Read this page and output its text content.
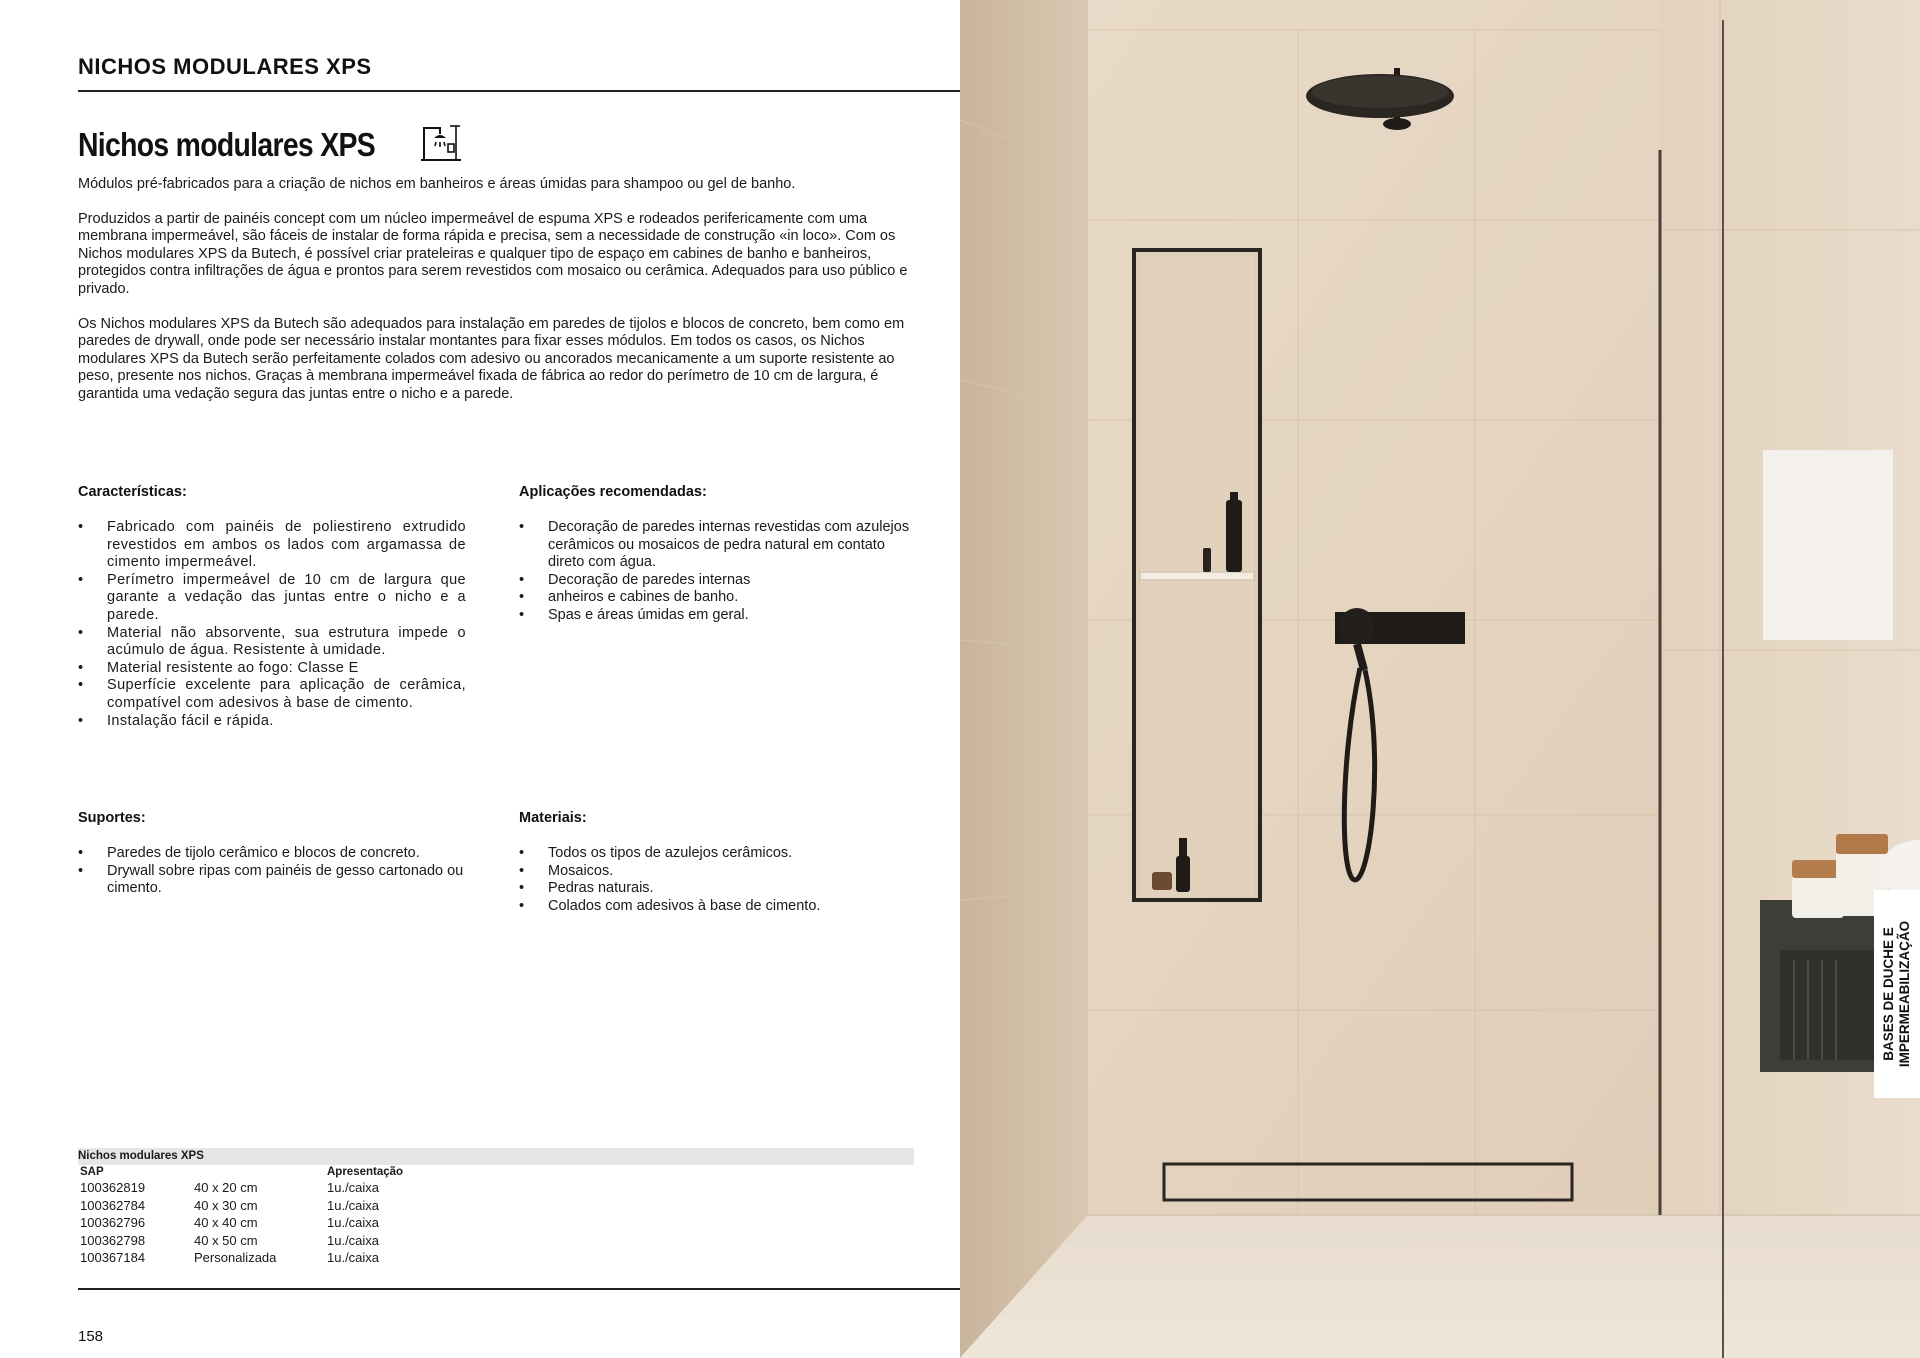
NICHOS MODULARES XPS
Nichos modulares XPS

Módulos pré-fabricados para a criação de nichos em banheiros e áreas úmidas para shampoo ou gel de banho.

Produzidos a partir de painéis concept com um núcleo impermeável de espuma XPS e rodeados perifericamente com uma membrana impermeável, são fáceis de instalar de forma rápida e precisa, sem a necessidade de construção «in loco». Com os Nichos modulares XPS da Butech, é possível criar prateleiras e qualquer tipo de espaço em cabines de banho e banheiros, protegidos contra infiltrações de água e prontos para serem revestidos com mosaico ou cerâmica. Adequados para uso público e privado.

Os Nichos modulares XPS da Butech são adequados para instalação em paredes de tijolos e blocos de concreto, bem como em paredes de drywall, onde pode ser necessário instalar montantes para fixar esses módulos. Em todos os casos, os Nichos modulares XPS da Butech serão perfeitamente colados com adesivo ou ancorados mecanicamente a um suporte resistente ao peso, presente nos nichos. Graças à membrana impermeável fixada de fábrica ao redor do perímetro de 10 cm de largura, é garantida uma vedação segura das juntas entre o nicho e a parede.

Características:
• Fabricado com painéis de poliestireno extrudido revestidos em ambos os lados com argamassa de cimento impermeável.
• Perímetro impermeável de 10 cm de largura que garante a vedação das juntas entre o nicho e a parede.
• Material não absorvente, sua estrutura impede o acúmulo de água. Resistente à umidade.
• Material resistente ao fogo: Classe E
• Superfície excelente para aplicação de cerâmica, compatível com adesivos à base de cimento.
• Instalação fácil e rápida.
Aplicações recomendadas:
• Decoração de paredes internas revestidas com azulejos cerâmicos ou mosaicos de pedra natural em contato direto com água.
• Decoração de paredes internas
• anheiros e cabines de banho.
• Spas e áreas úmidas em geral.
Suportes:
• Paredes de tijolo cerâmico e blocos de concreto.
• Drywall sobre ripas com painéis de gesso cartonado ou cimento.
Materiais:
• Todos os tipos de azulejos cerâmicos.
• Mosaicos.
• Pedras naturais.
• Colados com adesivos à base de cimento.
Nichos modulares XPS
SAP		Apresentação
100362819	40 x 20 cm	1u./caixa
100362784	40 x 30 cm	1u./caixa
100362796	40 x 40 cm	1u./caixa
100362798	40 x 50 cm	1u./caixa
100367184	Personalizada	1u./caixa
158
BASES DE DUCHE E IMPERMEABILIZAÇÃO
